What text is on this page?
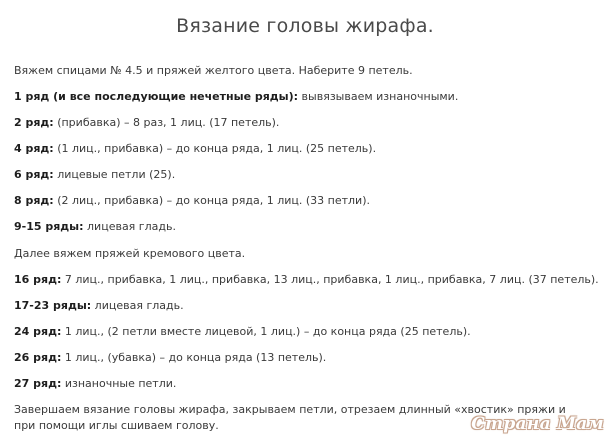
Вязание головы жирафа.
Вяжем спицами № 4.5 и пряжей желтого цвета. Наберите 9 петель.
1 ряд (и все последующие нечетные ряды): вывязываем изнаночными.
2 ряд: (прибавка) – 8 раз, 1 лиц. (17 петель).
4 ряд: (1 лиц., прибавка) – до конца ряда, 1 лиц. (25 петель).
6 ряд: лицевые петли (25).
8 ряд: (2 лиц., прибавка) – до конца ряда, 1 лиц. (33 петли).
9-15 ряды: лицевая гладь.
Далее вяжем пряжей кремового цвета.
16 ряд: 7 лиц., прибавка, 1 лиц., прибавка, 13 лиц., прибавка, 1 лиц., прибавка, 7 лиц. (37 петель).
17-23 ряды: лицевая гладь.
24 ряд: 1 лиц., (2 петли вместе лицевой, 1 лиц.) – до конца ряда (25 петель).
26 ряд: 1 лиц., (убавка) – до конца ряда (13 петель).
27 ряд: изнаночные петли.
Завершаем вязание головы жирафа, закрываем петли, отрезаем длинный «хвостик» пряжи и
при помощи иглы сшиваем голову.	Страна Мам
